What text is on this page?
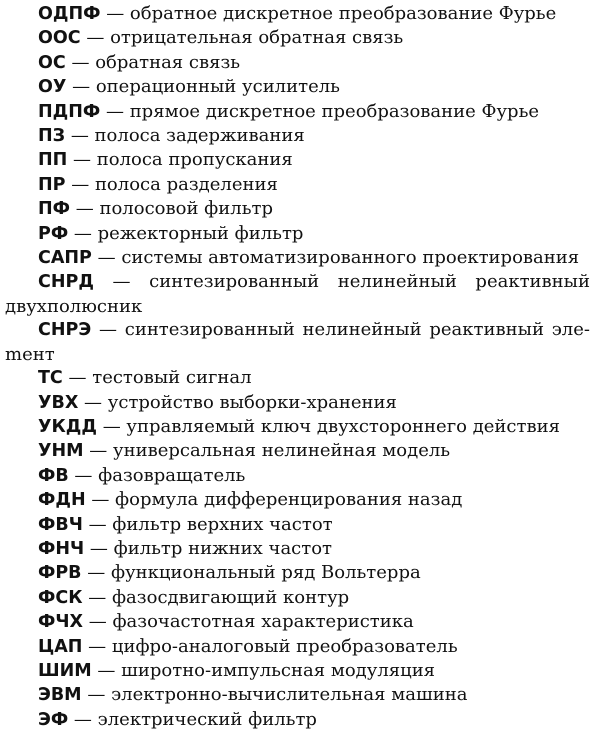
ОДПФ — обратное дискретное преобразование Фурье

ООС — отрицательная обратная связь

ОС — обратная связь

ОУ — операционный усилитель

ПДПФ — прямое дискретное преобразование Фурье

ПЗ — полоса задерживания

ПП — полоса пропускания

ПР — полоса разделения

ПФ — полосовой фильтр

РФ — режекторный фильтр

САПР — системы автоматизированного проектирования

СНРД — синтезированный нелинейный реактивный двухполюсник

СНРЭ — синтезированный нелинейный реактивный элеmент

ТС — тестовый сигнал

УВХ — устройство выборки-хранения

УКДД — управляемый ключ двухстороннего действия

УНМ — универсальная нелинейная модель

ФВ — фазовращатель

ФДН — формула дифференцирования назад

ФВЧ — фильтр верхних частот

ФНЧ — фильтр нижних частот

ФРВ — функциональный ряд Вольтерра

ФСК — фазосдвигающий контур

ФЧХ — фазочастотная характеристика

ЦАП — цифро-аналоговый преобразователь

ШИМ — широтно-импульсная модуляция

ЭВМ — электронно-вычислительная машина

ЭФ — электрический фильтр
